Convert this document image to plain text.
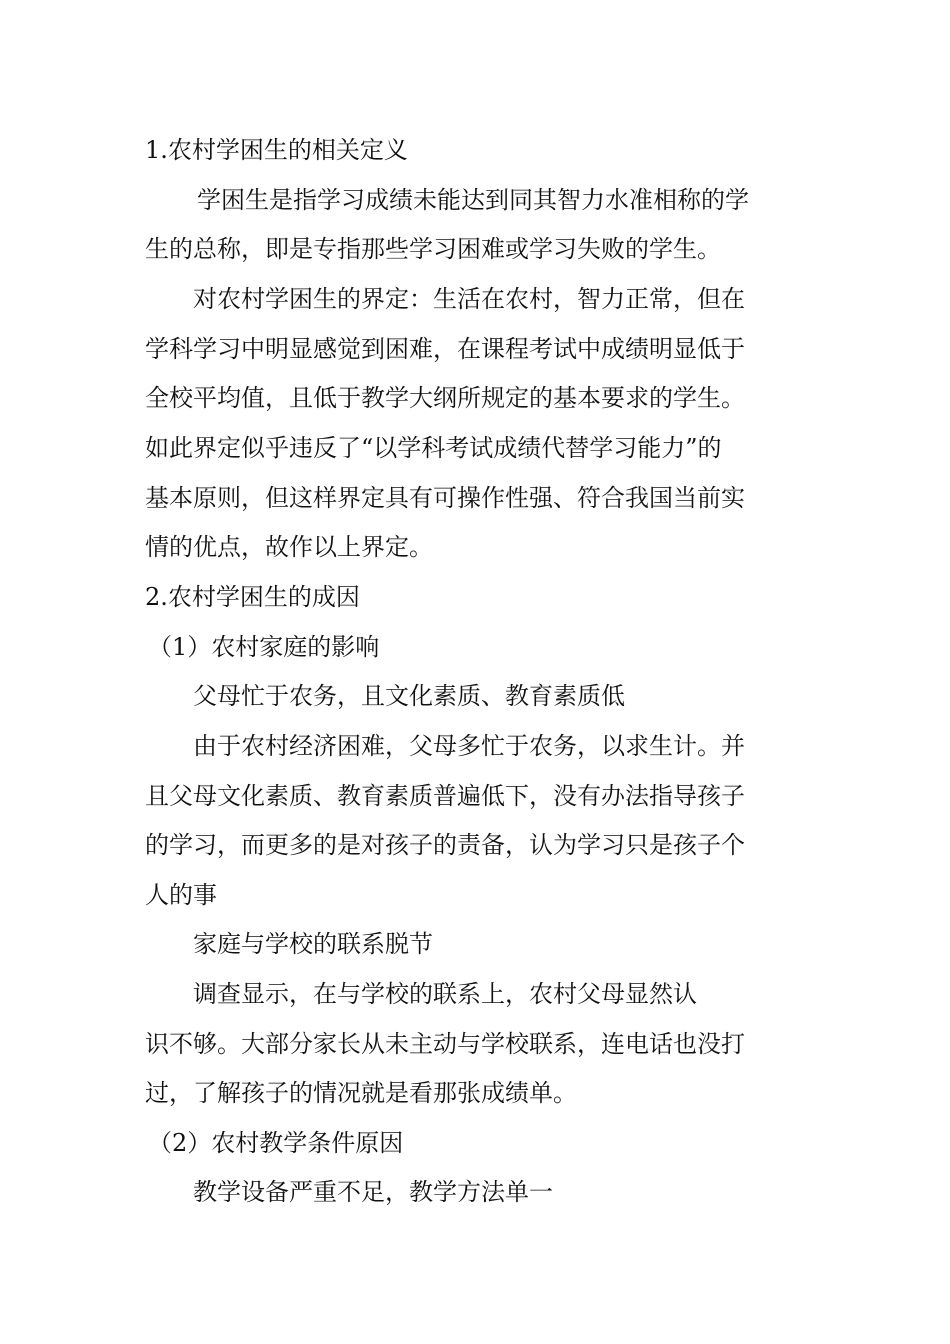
1.农村学困生的相关定义
学困生是指学习成绩未能达到同其智力水准相称的学
生的总称，即是专指那些学习困难或学习失败的学生。
对农村学困生的界定：生活在农村，智力正常，但在
学科学习中明显感觉到困难，在课程考试中成绩明显低于
全校平均值，且低于教学大纲所规定的基本要求的学生。
如此界定似乎违反了“以学科考试成绩代替学习能力”的
基本原则，但这样界定具有可操作性强、符合我国当前实
情的优点，故作以上界定。
2.农村学困生的成因
（1）农村家庭的影响
父母忙于农务，且文化素质、教育素质低
由于农村经济困难，父母多忙于农务，以求生计。并
且父母文化素质、教育素质普遍低下，没有办法指导孩子
的学习，而更多的是对孩子的责备，认为学习只是孩子个
人的事
家庭与学校的联系脱节
调查显示，在与学校的联系上，农村父母显然认
识不够。大部分家长从未主动与学校联系，连电话也没打
过，了解孩子的情况就是看那张成绩单。
（2）农村教学条件原因
教学设备严重不足，教学方法单一
